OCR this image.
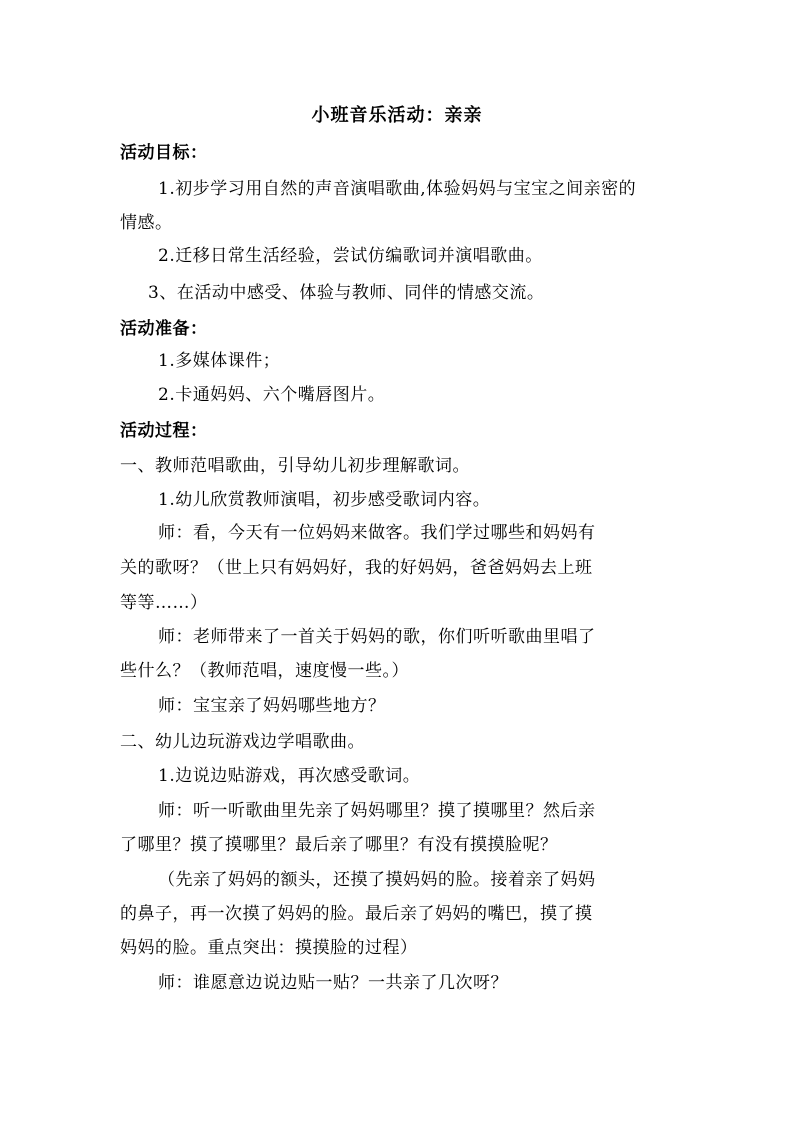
小班音乐活动：亲亲
活动目标：
1.初步学习用自然的声音演唱歌曲,体验妈妈与宝宝之间亲密的
情感。
2.迁移日常生活经验，尝试仿编歌词并演唱歌曲。
3、在活动中感受、体验与教师、同伴的情感交流。
活动准备：
1.多媒体课件；
2.卡通妈妈、六个嘴唇图片。
活动过程：
一、教师范唱歌曲，引导幼儿初步理解歌词。
1.幼儿欣赏教师演唱，初步感受歌词内容。
师：看，今天有一位妈妈来做客。我们学过哪些和妈妈有
关的歌呀？（世上只有妈妈好，我的好妈妈，爸爸妈妈去上班
等等……）
师：老师带来了一首关于妈妈的歌，你们听听歌曲里唱了
些什么？（教师范唱，速度慢一些。）
师：宝宝亲了妈妈哪些地方？
二、幼儿边玩游戏边学唱歌曲。
1.边说边贴游戏，再次感受歌词。
师：听一听歌曲里先亲了妈妈哪里？摸了摸哪里？然后亲
了哪里？摸了摸哪里？最后亲了哪里？有没有摸摸脸呢？
（先亲了妈妈的额头，还摸了摸妈妈的脸。接着亲了妈妈
的鼻子，再一次摸了妈妈的脸。最后亲了妈妈的嘴巴，摸了摸
妈妈的脸。重点突出：摸摸脸的过程）
师：谁愿意边说边贴一贴？一共亲了几次呀？
